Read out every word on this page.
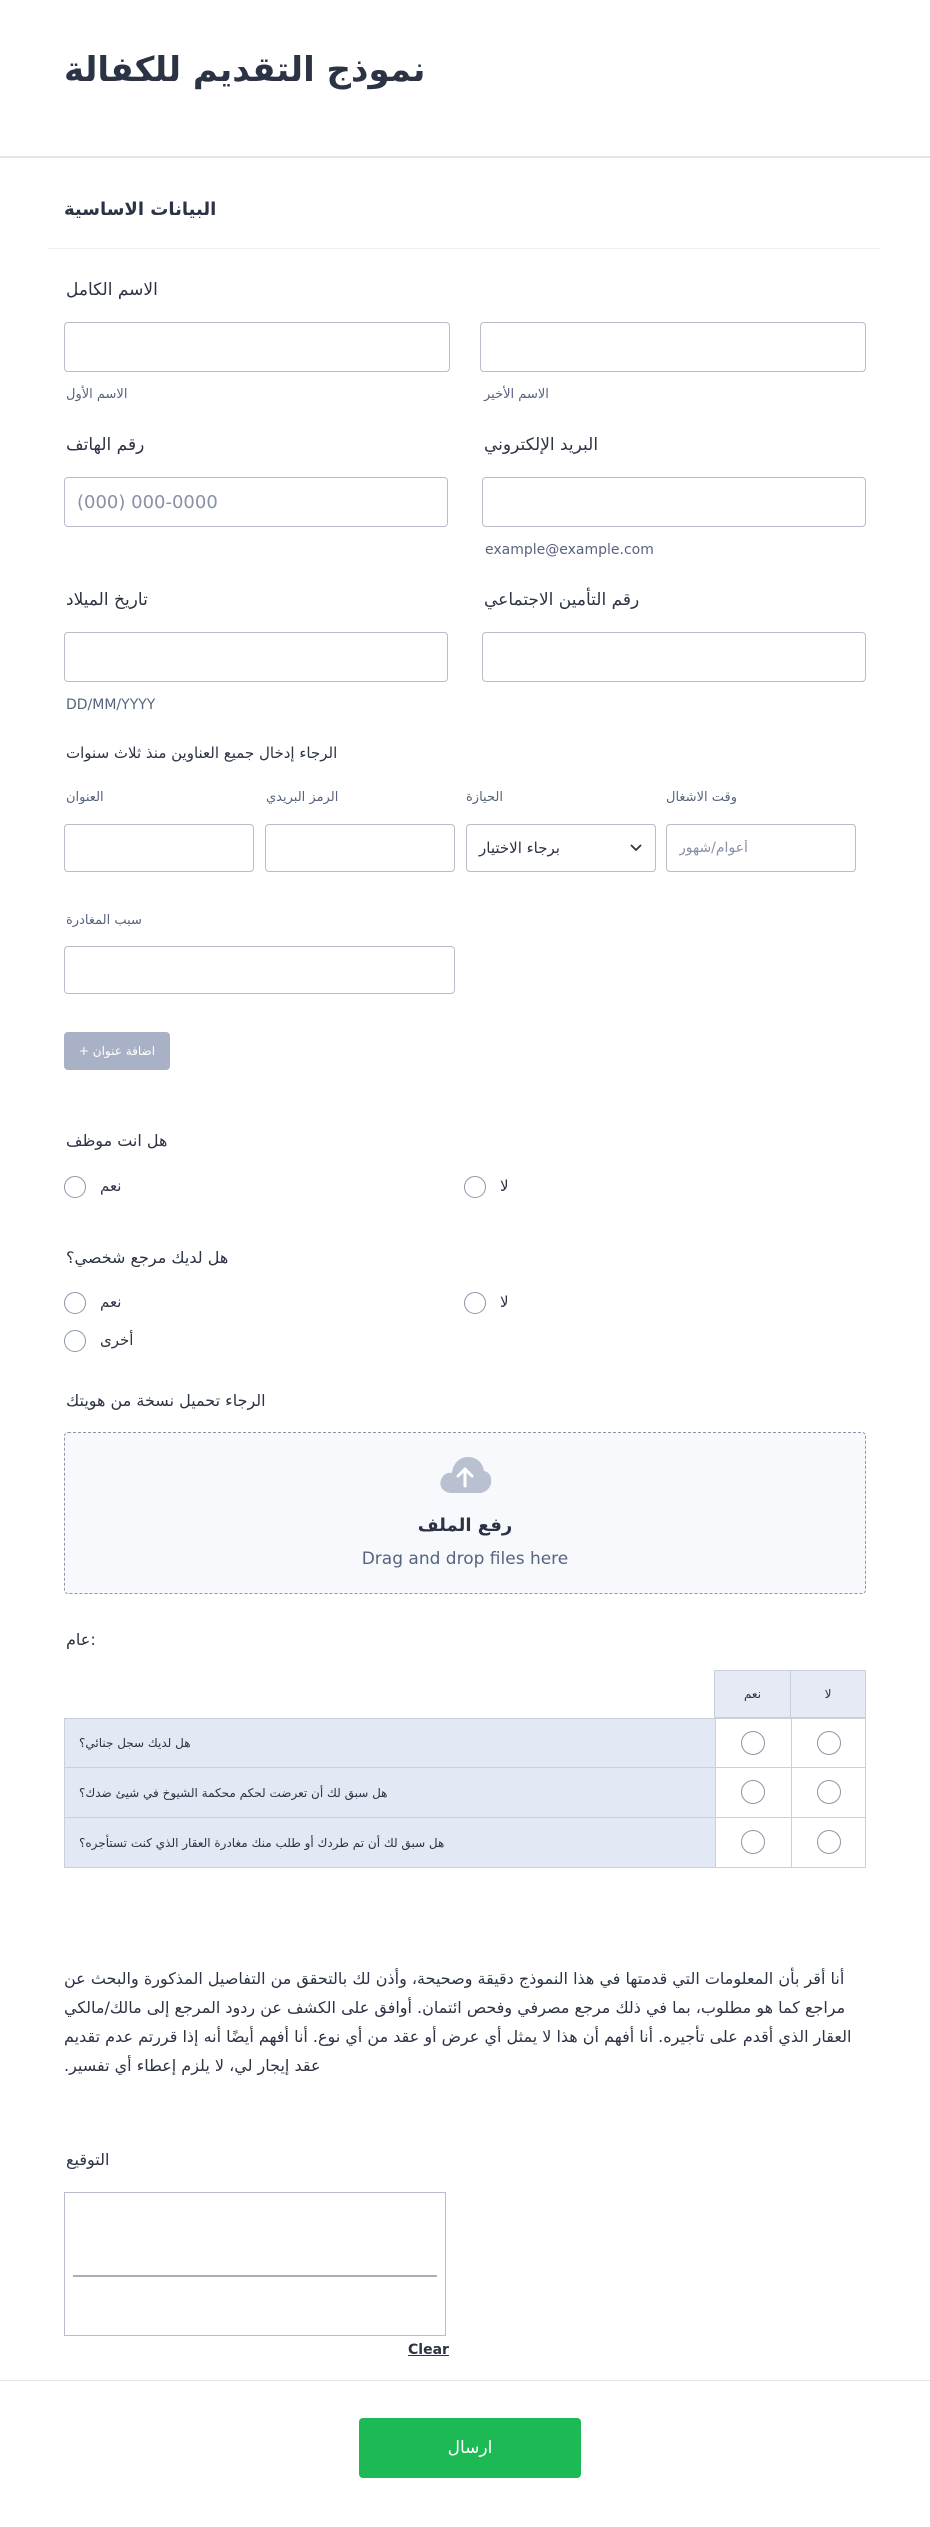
نموذج التقديم للكفالة
البيانات الاساسية
الاسم الكامل
الاسم الأول	الاسم الأخير
رقم الهاتف	البريد الإلكتروني
(000) 000-0000
example@example.com
تاريخ الميلاد	رقم التأمين الاجتماعي
DD/MM/YYYY
الرجاء إدخال جميع العناوين منذ ثلاث سنوات
العنوان	الرمز البريدي	الحيازة	وقت الاشغال
برجاء الاختيار
أعوام/شهور
سبب المغادرة
+ اضافة عنوان
هل انت موظف
نعم	لا
هل لديك مرجع شخصي؟
نعم	لا
أخرى
الرجاء تحميل نسخة من هويتك
رفع الملف
Drag and drop files here
عام:
نعم	لا
هل لديك سجل جنائي؟
هل سبق لك أن تعرضت لحكم محكمة الشيوخ في شيئ ضدك؟
هل سبق لك أن تم طردك أو طلب منك مغادرة العقار الذي كنت تستأجره؟
أنا أقر بأن المعلومات التي قدمتها في هذا النموذج دقيقة وصحيحة، وأذن لك بالتحقق من التفاصيل المذكورة والبحث عن مراجع كما هو مطلوب، بما في ذلك مرجع مصرفي وفحص ائتمان. أوافق على الكشف عن ردود المرجع إلى مالك/مالكي العقار الذي أقدم على تأجيره. أنا أفهم أن هذا لا يمثل أي عرض أو عقد من أي نوع. أنا أفهم أيضًا أنه إذا قررتم عدم تقديم عقد إيجار لي، لا يلزم إعطاء أي تفسير.
التوقيع
Clear
ارسال
